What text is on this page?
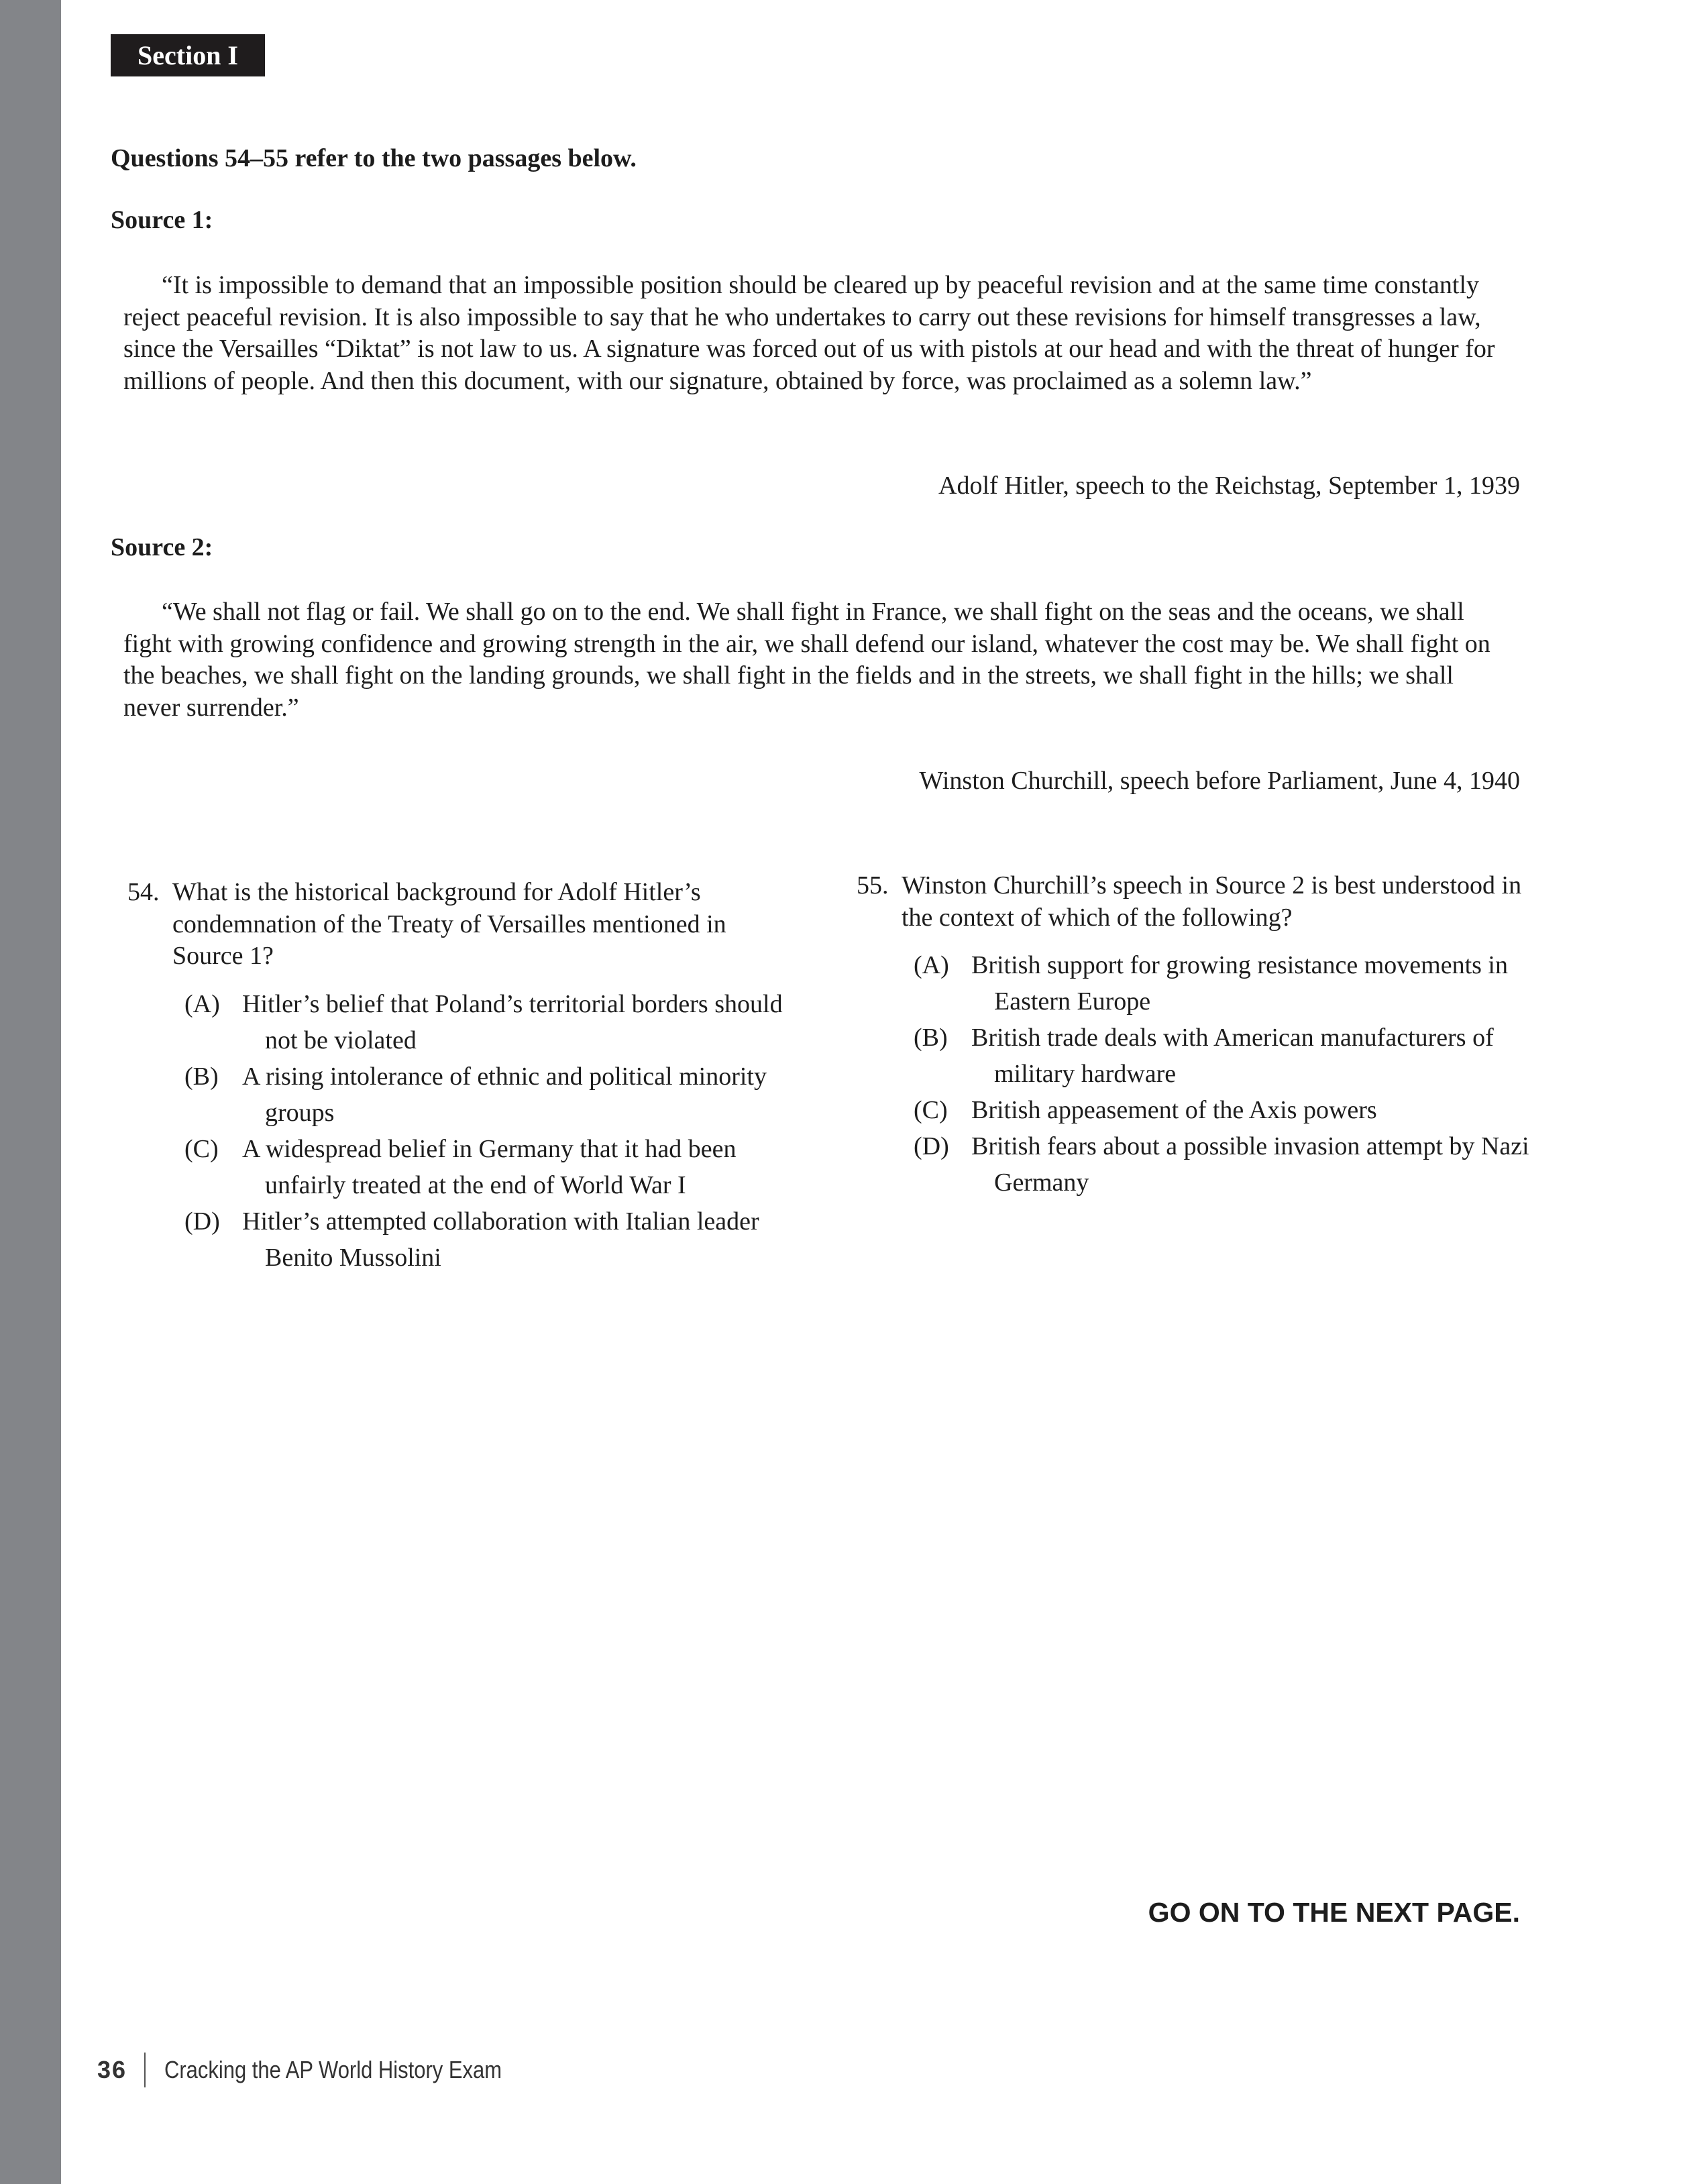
Section I
Questions 54–55 refer to the two passages below.
Source 1:

“It is impossible to demand that an impossible position should be cleared up by peaceful revision and at the same time constantly reject peaceful revision. It is also impossible to say that he who undertakes to carry out these revisions for himself transgresses a law, since the Versailles “Diktat” is not law to us. A signature was forced out of us with pistols at our head and with the threat of hunger for millions of people. And then this document, with our signature, obtained by force, was proclaimed as a solemn law.”

Adolf Hitler, speech to the Reichstag, September 1, 1939
Source 2:

“We shall not flag or fail. We shall go on to the end. We shall fight in France, we shall fight on the seas and the oceans, we shall fight with growing confidence and growing strength in the air, we shall defend our island, whatever the cost may be. We shall fight on the beaches, we shall fight on the landing grounds, we shall fight in the fields and in the streets, we shall fight in the hills; we shall never surrender.”

Winston Churchill, speech before Parliament, June 4, 1940
54. What is the historical background for Adolf Hitler’s condemnation of the Treaty of Versailles mentioned in Source 1?
(A) Hitler’s belief that Poland’s territorial borders should not be violated
(B) A rising intolerance of ethnic and political minority groups
(C) A widespread belief in Germany that it had been unfairly treated at the end of World War I
(D) Hitler’s attempted collaboration with Italian leader Benito Mussolini
55. Winston Churchill’s speech in Source 2 is best understood in the context of which of the following?
(A) British support for growing resistance movements in Eastern Europe
(B) British trade deals with American manufacturers of military hardware
(C) British appeasement of the Axis powers
(D) British fears about a possible invasion attempt by Nazi Germany
GO ON TO THE NEXT PAGE.
36 Cracking the AP World History Exam
